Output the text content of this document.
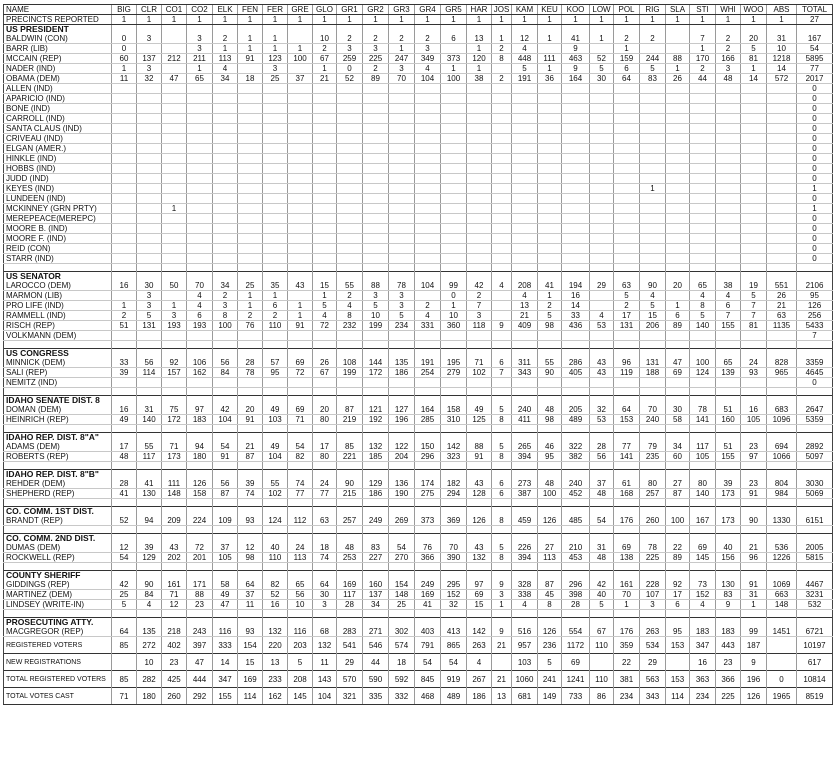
NAME	BIG	CLR	CO1	CO2	ELK	FEN	FER	GRE	GLO	GR1	GR2	GR3	GR4	GR5	HAR	JOS	KAM	KEU	KOO	LOW	POL	RIG	SLA	STI	WHI	WOO	ABS	TOTAL
PRECINCTS REPORTED	1	1	1	1	1	1	1	1	1	1	1	1	1	1	1	1	1	1	1	1	1	1	1	1	1	1	1	27
US PRESIDENT																												
BALDWIN (CON)	0	3		3	2	1	1		10	2	2	2	2	6	13	1	12	1	41	1	2	2		7	2	20	31	167
BARR (LIB)	0			3	1	1	1	1	2	3	3	1	3		1	2	4		9		1			1	2	5	10	54
MCCAIN (REP)	60	137	212	211	113	91	123	100	67	259	225	247	349	373	120	8	448	111	463	52	159	244	88	170	166	81	1218	5895
NADER (IND)	1	3		1	4		3		1	0	2	3	4	1	1		5	1	9	5	6	5	1	2	3	1	14	77
OBAMA (DEM)	11	32	47	65	34	18	25	37	21	52	89	70	104	100	38	2	191	36	164	30	64	83	26	44	48	14	572	2017
ALLEN (IND)																												0
APARICIO (IND)																												0
BONE (IND)																												0
CARROLL (IND)																												0
SANTA CLAUS (IND)																												0
CRIVEAU (IND)																												0
ELGAN (AMER.)																												0
HINKLE (IND)																												0
HOBBS (IND)																												0
JUDD (IND)																												0
KEYES (IND)																						1						1
LUNDEEN (IND)																												0
MCKINNEY (GRN PRTY)			1																									1
MEREPEACE(MEREPC)																												0
MOORE B. (IND)																												0
MOORE F. (IND)																												0
REID (CON)																												0
STARR (IND)																												0

US SENATOR																												
LAROCCO (DEM)	16	30	50	70	34	25	35	43	15	55	88	78	104	99	42	4	208	41	194	29	63	90	20	65	38	19	551	2106
MARMON (LIB)		3		4	2	1	1		1	2	3	3		0	2		4	1	16		5	4		4	4	5	26	95
PRO LIFE (IND)	1	3	1	4	3	1	6	1	5	4	5	3	2	1	7		13	2	14		2	5	1	8	6	7	21	126
RAMMELL (IND)	2	5	3	6	8	2	2	1	4	8	10	5	4	10	3		21	5	33	4	17	15	6	5	7	7	63	256
RISCH (REP)	51	131	193	193	100	76	110	91	72	232	199	234	331	360	118	9	409	98	436	53	131	206	89	140	155	81	1135	5433
VOLKMANN (DEM)																												7

US CONGRESS																												
MINNICK (DEM)	33	56	92	106	56	28	57	69	26	108	144	135	191	195	71	6	311	55	286	43	96	131	47	100	65	24	828	3359
SALI (REP)	39	114	157	162	84	78	95	72	67	199	172	186	254	279	102	7	343	90	405	43	119	188	69	124	139	93	965	4645
NEMITZ (IND)																												0

IDAHO SENATE DIST. 8																												
DOMAN (DEM)	16	31	75	97	42	20	49	69	20	87	121	127	164	158	49	5	240	48	205	32	64	70	30	78	51	16	683	2647
HEINRICH (REP)	49	140	172	183	104	91	103	71	80	219	192	196	285	310	125	8	411	98	489	53	153	240	58	141	160	105	1096	5359

IDAHO REP. DIST. 8"A"																												
ADAMS (DEM)	17	55	71	94	54	21	49	54	17	85	132	122	150	142	88	5	265	46	322	28	77	79	34	117	51	23	694	2892
ROBERTS (REP)	48	117	173	180	91	87	104	82	80	221	185	204	296	323	91	8	394	95	382	56	141	235	60	105	155	97	1066	5097

IDAHO REP. DIST. 8"B"																												
REHDER (DEM)	28	41	111	126	56	39	55	74	24	90	129	136	174	182	43	6	273	48	240	37	61	80	27	80	39	23	804	3030
SHEPHERD (REP)	41	130	148	158	87	74	102	77	77	215	186	190	275	294	128	6	387	100	452	48	168	257	87	140	173	91	984	5069

CO. COMM. 1ST DIST.																												
BRANDT (REP)	52	94	209	224	109	93	124	112	63	257	249	269	373	369	126	8	459	126	485	54	176	260	100	167	173	90	1330	6151

CO. COMM. 2ND DIST.																												
DUMAS (DEM)	12	39	43	72	37	12	40	24	18	48	83	54	76	70	43	5	226	27	210	31	69	78	22	69	40	21	536	2005
ROCKWELL (REP)	54	129	202	201	105	98	110	113	74	253	227	270	366	390	132	8	394	113	453	48	138	225	89	145	156	96	1226	5815

COUNTY SHERIFF																												
GIDDINGS (REP)	42	90	161	171	58	64	82	65	64	169	160	154	249	295	97	9	328	87	296	42	161	228	92	73	130	91	1069	4467
MARTINEZ (DEM)	25	84	71	88	49	37	52	56	30	117	137	148	169	152	69	3	338	45	398	40	70	107	17	152	83	31	663	3231
LINDSEY (WRITE-IN)	5	4	12	23	47	11	16	10	3	28	34	25	41	32	15	1	4	8	28	5	1	3	6	4	9	1	148	532

PROSECUTING ATTY.																												
MACGREGOR (REP)	64	135	218	243	116	93	132	116	68	283	271	302	403	413	142	9	516	126	554	67	176	263	95	183	183	99	1451	6721
REGISTERED VOTERS	85	272	402	397	333	154	220	203	132	541	546	574	791	865	263	21	957	236	1172	110	359	534	153	347	443	187		10197
NEW REGISTRATIONS		10	23	47	14	15	13	5	11	29	44	18	54	54	4		103	5	69		22	29		16	23	9		617
TOTAL REGISTERED VOTERS	85	282	425	444	347	169	233	208	143	570	590	592	845	919	267	21	1060	241	1241	110	381	563	153	363	366	196	0	10814
TOTAL VOTES CAST	71	180	260	292	155	114	162	145	104	321	335	332	468	489	186	13	681	149	733	86	234	343	114	234	225	126	1965	8519
